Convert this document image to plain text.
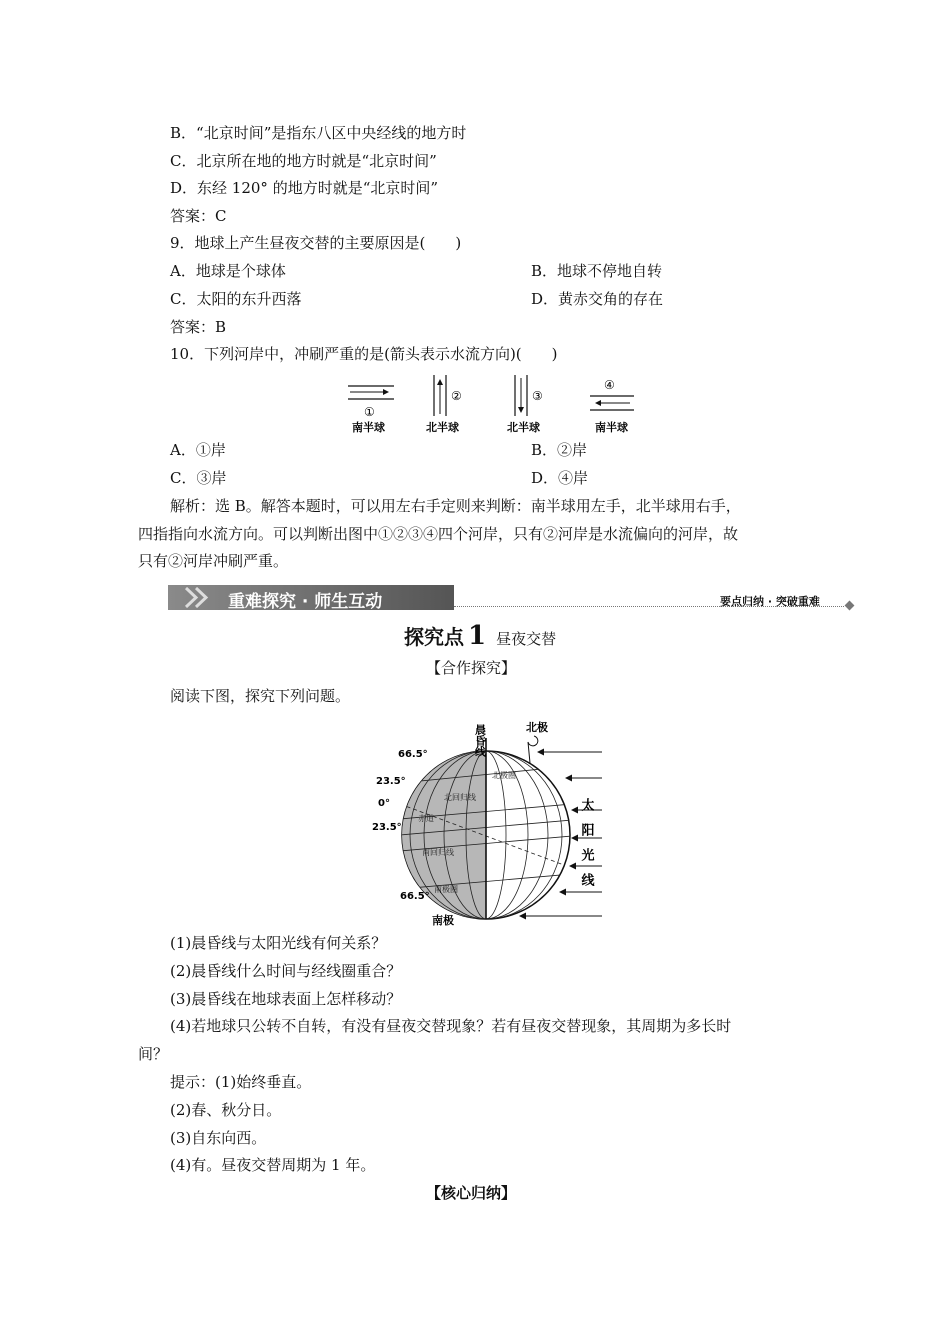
B．“北京时间”是指东八区中央经线的地方时
C．北京所在地的地方时就是“北京时间”
D．东经 120° 的地方时就是“北京时间”
答案：C
9．地球上产生昼夜交替的主要原因是(　　)
A．地球是个球体	B．地球不停地自转
C．太阳的东升西落	D．黄赤交角的存在
答案：B
10．下列河岸中，冲刷严重的是(箭头表示水流方向)(　　)
①
南半球
②
北半球
③
北半球
④
南半球
A．①岸	B．②岸
C．③岸	D．④岸
解析：选 B。解答本题时，可以用左右手定则来判断：南半球用左手，北半球用右手，
四指指向水流方向。可以判断出图中①②③④四个河岸，只有②河岸是水流偏向的河岸，故
只有②河岸冲刷严重。
重难探究 · 师生互动	要点归纳 · 突破重难
探究点 1 昼夜交替
【合作探究】
阅读下图，探究下列问题。
晨昏线	北极
南极
66.5°
23.5°
0°
23.5°
66.5°
北极圈
北回归线
赤道
南回归线
南极圈	太阳光线
(1)晨昏线与太阳光线有何关系？
(2)晨昏线什么时间与经线圈重合？
(3)晨昏线在地球表面上怎样移动？
(4)若地球只公转不自转，有没有昼夜交替现象？若有昼夜交替现象，其周期为多长时
间？
提示：(1)始终垂直。
(2)春、秋分日。
(3)自东向西。
(4)有。昼夜交替周期为 1 年。
【核心归纳】
